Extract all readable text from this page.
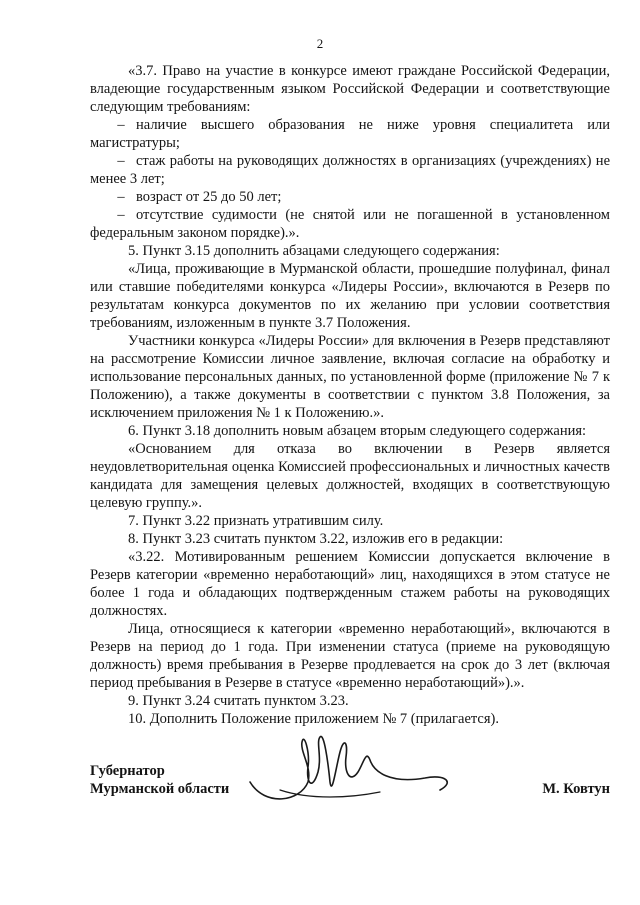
2

«3.7. Право на участие в конкурсе имеют граждане Российской Федерации, владеющие государственным языком Российской Федерации и соответствующие следующим требованиям:

– наличие высшего образования не ниже уровня специалитета или магистратуры;

– стаж работы на руководящих должностях в организациях (учреждениях) не менее 3 лет;

– возраст от 25 до 50 лет;

– отсутствие судимости (не снятой или не погашенной в установленном федеральным законом порядке).».

5. Пункт 3.15 дополнить абзацами следующего содержания:

«Лица, проживающие в Мурманской области, прошедшие полуфинал, финал или ставшие победителями конкурса «Лидеры России», включаются в Резерв по результатам конкурса документов по их желанию при условии соответствия требованиям, изложенным в пункте 3.7 Положения.

Участники конкурса «Лидеры России» для включения в Резерв представляют на рассмотрение Комиссии личное заявление, включая согласие на обработку и использование персональных данных, по установленной форме (приложение № 7 к Положению), а также документы в соответствии с пунктом 3.8 Положения, за исключением приложения № 1 к Положению.».

6. Пункт 3.18 дополнить новым абзацем вторым следующего содержания:

«Основанием для отказа во включении в Резерв является неудовлетворительная оценка Комиссией профессиональных и личностных качеств кандидата для замещения целевых должностей, входящих в соответствующую целевую группу.».

7. Пункт 3.22 признать утратившим силу.

8. Пункт 3.23 считать пунктом 3.22, изложив его в редакции:

«3.22. Мотивированным решением Комиссии допускается включение в Резерв категории «временно неработающий» лиц, находящихся в этом статусе не более 1 года и обладающих подтвержденным стажем работы на руководящих должностях.

Лица, относящиеся к категории «временно неработающий», включаются в Резерв на период до 1 года. При изменении статуса (приеме на руководящую должность) время пребывания в Резерве продлевается на срок до 3 лет (включая период пребывания в Резерве в статусе «временно неработающий»).».

9. Пункт 3.24 считать пунктом 3.23.

10. Дополнить Положение приложением № 7 (прилагается).

Губернатор
Мурманской области	М. Ковтун
